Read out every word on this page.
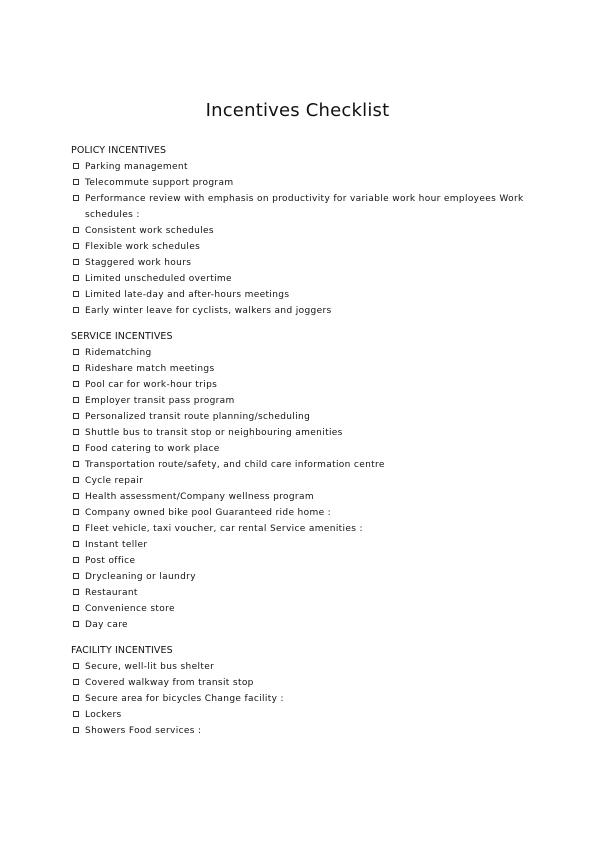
Incentives Checklist
POLICY INCENTIVES
Parking management
Telecommute support program
Performance review with emphasis on productivity for variable work hour employees Work schedules :
Consistent work schedules
Flexible work schedules
Staggered work hours
Limited unscheduled overtime
Limited late-day and after-hours meetings
Early winter leave for cyclists, walkers and joggers
SERVICE INCENTIVES
Ridematching
Rideshare match meetings
Pool car for work-hour trips
Employer transit pass program
Personalized transit route planning/scheduling
Shuttle bus to transit stop or neighbouring amenities
Food catering to work place
Transportation route/safety, and child care information centre
Cycle repair
Health assessment/Company wellness program
Company owned bike pool Guaranteed ride home :
Fleet vehicle, taxi voucher, car rental Service amenities :
Instant teller
Post office
Drycleaning or laundry
Restaurant
Convenience store
Day care
FACILITY INCENTIVES
Secure, well-lit bus shelter
Covered walkway from transit stop
Secure area for bicycles Change facility :
Lockers
Showers Food services :
